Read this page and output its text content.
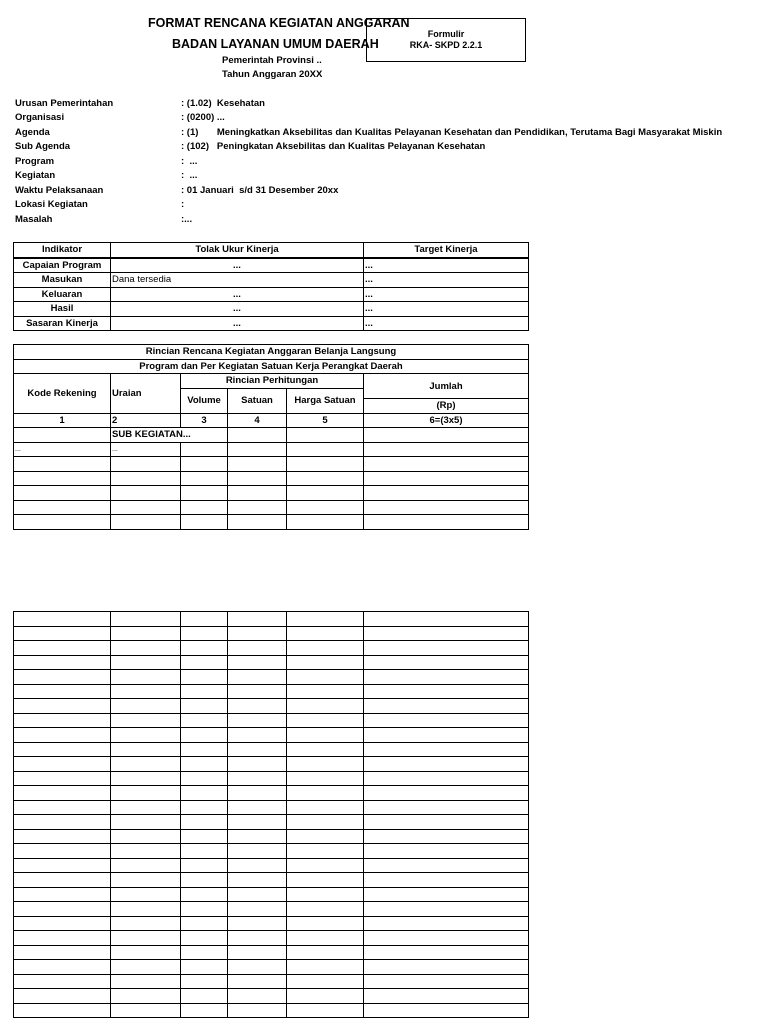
FORMAT RENCANA KEGIATAN ANGGARAN
BADAN LAYANAN UMUM DAERAH
Pemerintah Provinsi ..
Tahun Anggaran 20XX
Formulir
RKA- SKPD 2.2.1
Urusan Pemerintahan	: (1.02)  Kesehatan
Organisasi	: (0200) ...
Agenda	: (1)       Meningkatkan Aksebilitas dan Kualitas Pelayanan Kesehatan dan Pendidikan, Terutama Bagi Masyarakat Miskin
Sub Agenda	: (102)   Peningkatan Aksebilitas dan Kualitas Pelayanan Kesehatan
Program	:  ...
Kegiatan	:  ...
Waktu Pelaksanaan	: 01 Januari  s/d 31 Desember 20xx
Lokasi Kegiatan	:
Masalah	:...
Indikator	Tolak Ukur Kinerja	Target Kinerja
Capaian Program	...	...
Masukan	Dana tersedia	...
Keluaran	...	...
Hasil	...	...
Sasaran Kinerja	...	...
Rincian Rencana Kegiatan Anggaran Belanja Langsung					
Program dan Per Kegiatan Satuan Kerja Perangkat Daerah					
Kode Rekening	Uraian	Rincian Perhitungan			Jumlah
		Volume	Satuan	Harga Satuan	
					(Rp)
1	2	3	4	5	6=(3x5)
	SUB KEGIATAN...				
...	...				
